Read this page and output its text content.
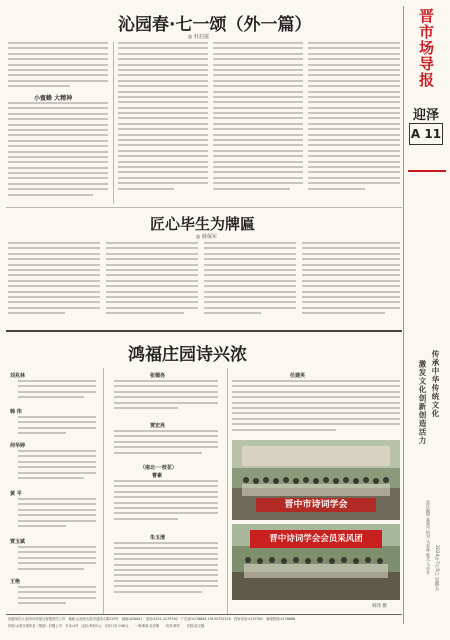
晋市场导报
迎泽
A 11
传承中华传统文化
激发文化创新创造活力
2024年7月5日 星期五
责任编辑 高燕丹 校对 马家林 版式 马亦芳
沁园春·七一颂（外一篇）
◎ 杜启富
小蜜蜂 大精神
匠心毕生为牌匾
◎ 薛保军
鸿福庄园诗兴浓
刘兆林
韩 伟
何华婷
黄 平
贾玉斌
王艳
张德亮
贾宏亮
（南北·一枝花）
曹素
朱玉清
任建英
晋中市诗词学会
晋中诗词学会会员采风团
韩玮 摄
出版单位:山西市场导报社有限责任公司　地址:山西省太原市迎泽大街229号　邮编:030001　电话:0351-4179700　广告部:4176664 19135722318　投诉电话:4137901　新闻热线:4176666
印刷:山西日报印务（集团）有限公司　开本:4开　定价:每份1元　全年订价:198元　　一般事项:告法律　　初对:韩羊　　法院:赵文娜
